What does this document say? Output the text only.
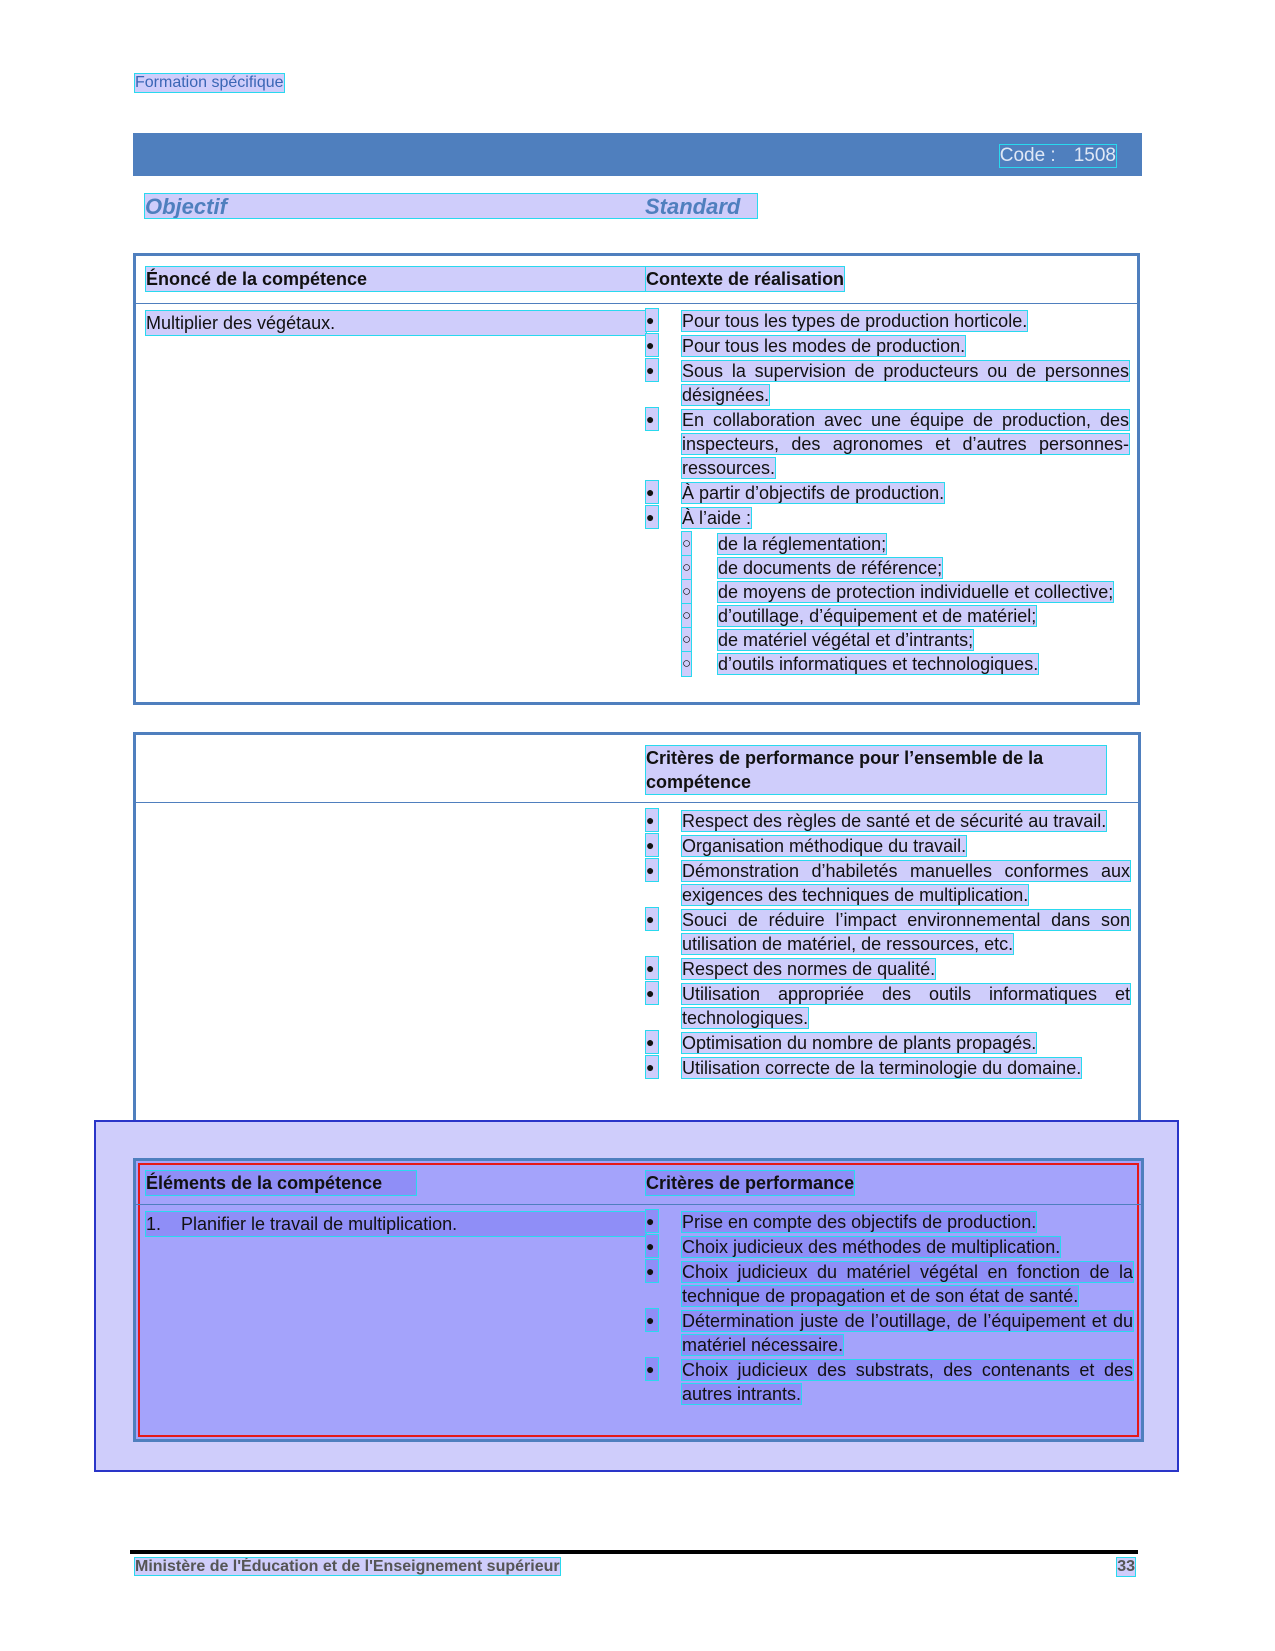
Formation spécifique
Code : 1508
Objectif	Standard
Énoncé de la compétence	Contexte de réalisation
Multiplier des végétaux.	● Pour tous les types de production horticole.
● Pour tous les modes de production.
● Sous la supervision de producteurs ou de personnes désignées.
● En collaboration avec une équipe de production, des inspecteurs, des agronomes et d’autres personnes-ressources.
● À partir d’objectifs de production.
● À l’aide :
○ de la réglementation;
○ de documents de référence;
○ de moyens de protection individuelle et collective;
○ d’outillage, d’équipement et de matériel;
○ de matériel végétal et d’intrants;
○ d’outils informatiques et technologiques.
Critères de performance pour l’ensemble de la compétence
● Respect des règles de santé et de sécurité au travail.
● Organisation méthodique du travail.
● Démonstration d’habiletés manuelles conformes aux exigences des techniques de multiplication.
● Souci de réduire l’impact environnemental dans son utilisation de matériel, de ressources, etc.
● Respect des normes de qualité.
● Utilisation appropriée des outils informatiques et technologiques.
● Optimisation du nombre de plants propagés.
● Utilisation correcte de la terminologie du domaine.
Éléments de la compétence	Critères de performance
1. Planifier le travail de multiplication.	● Prise en compte des objectifs de production.
● Choix judicieux des méthodes de multiplication.
● Choix judicieux du matériel végétal en fonction de la technique de propagation et de son état de santé.
● Détermination juste de l’outillage, de l’équipement et du matériel nécessaire.
● Choix judicieux des substrats, des contenants et des autres intrants.
Ministère de l'Éducation et de l'Enseignement supérieur	33
